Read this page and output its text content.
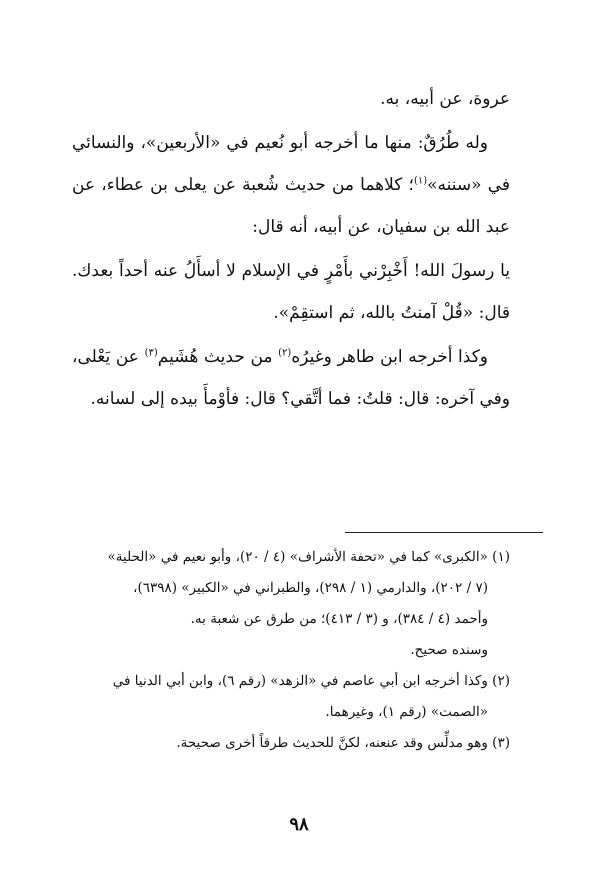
عروة، عن أبيه، به.

وله طُرُقٌ: منها ما أخرجه أبو نُعيم في «الأربعين»، والنسائي في «سننه»$^{(١)}$؛ كلاهما من حديث شُعبة عن يعلى بن عطاء، عن عبد الله بن سفيان، عن أبيه، أنه قال:

يا رسولَ الله! أَخْبِرْني بأَمْرٍ في الإسلام لا أسأَلُ عنه أحداً بعدك. قال: «قُلْ آمنتُ بالله، ثم استقِمْ».

وكذا أخرجه ابن طاهر وغيرُه$^{(٢)}$ من حديث هُشَيم$^{(٣)}$ عن يَعْلى، وفي آخره: قال: قلتُ: فما أتَّقي؟ قال: فأوْمأَ بيده إلى لسانه.

(١) «الكبرى» كما في «تحفة الأشراف» (٤ / ٢٠)، وأبو نعيم في «الحلية»
(٧ / ٢٠٢)، والدارمي (١ / ٢٩٨)، والطبراني في «الكبير» (٦٣٩٨)،
وأحمد (٤ / ٣٨٤)، و (٣ / ٤١٣)؛ من طرق عن شعبة به.
وسنده صحيح.

(٢) وكذا أخرجه ابن أبي عاصم في «الزهد» (رقم ٦)، وابن أبي الدنيا في
«الصمت» (رقم ١)، وغيرهما.

(٣) وهو مدلِّس وقد عنعنه، لكنَّ للحديث طرقاً أخرى صحيحة.

٩٨
